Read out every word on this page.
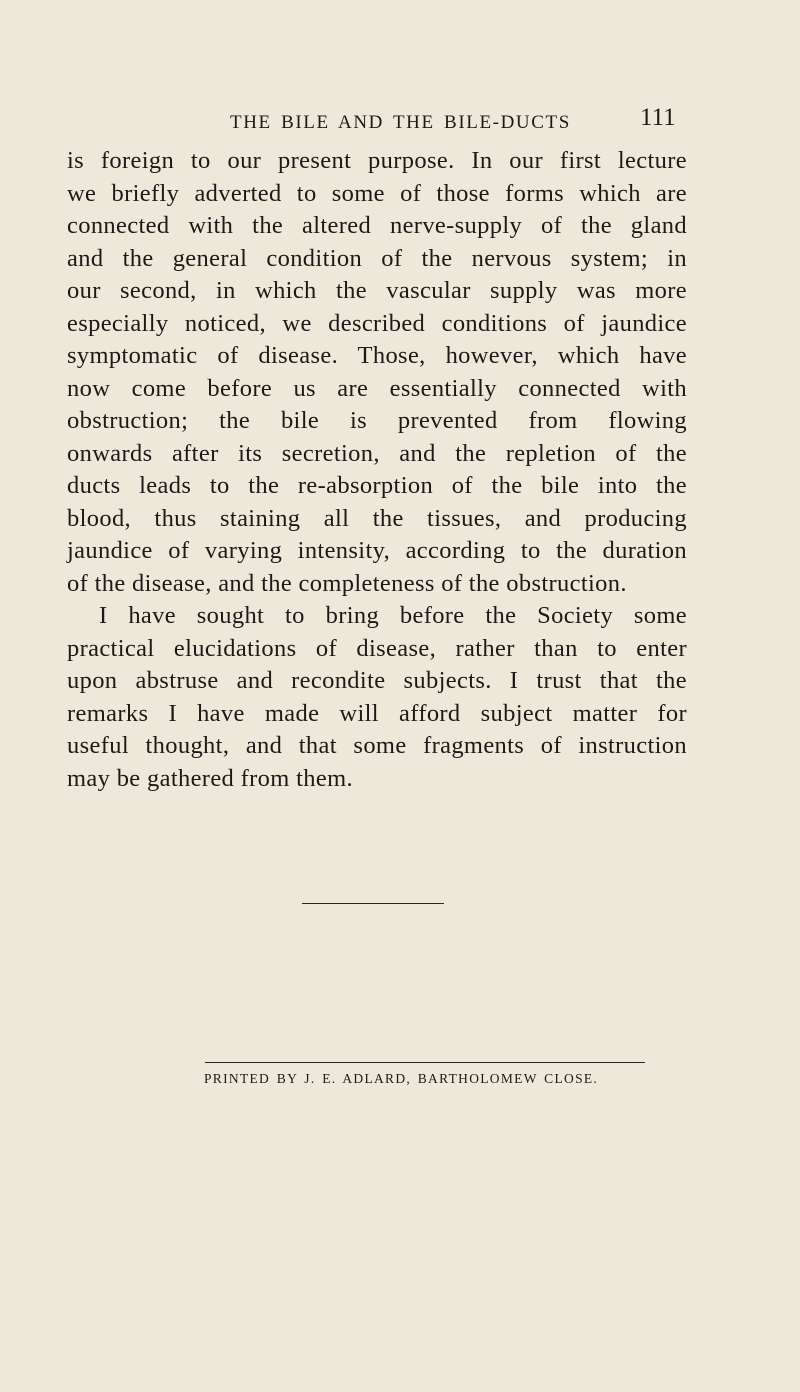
THE BILE AND THE BILE-DUCTS	111
is foreign to our present purpose. In our first lecture
we briefly adverted to some of those forms which are
connected with the altered nerve-supply of the gland
and the general condition of the nervous system; in
our second, in which the vascular supply was more
especially noticed, we described conditions of jaundice
symptomatic of disease. Those, however, which have
now come before us are essentially connected with
obstruction; the bile is prevented from flowing
onwards after its secretion, and the repletion of the
ducts leads to the re-absorption of the bile into the
blood, thus staining all the tissues, and producing
jaundice of varying intensity, according to the duration
of the disease, and the completeness of the obstruction.
I have sought to bring before the Society some
practical elucidations of disease, rather than to enter
upon abstruse and recondite subjects. I trust that the
remarks I have made will afford subject matter for
useful thought, and that some fragments of instruction
may be gathered from them.
PRINTED BY J. E. ADLARD, BARTHOLOMEW CLOSE.
